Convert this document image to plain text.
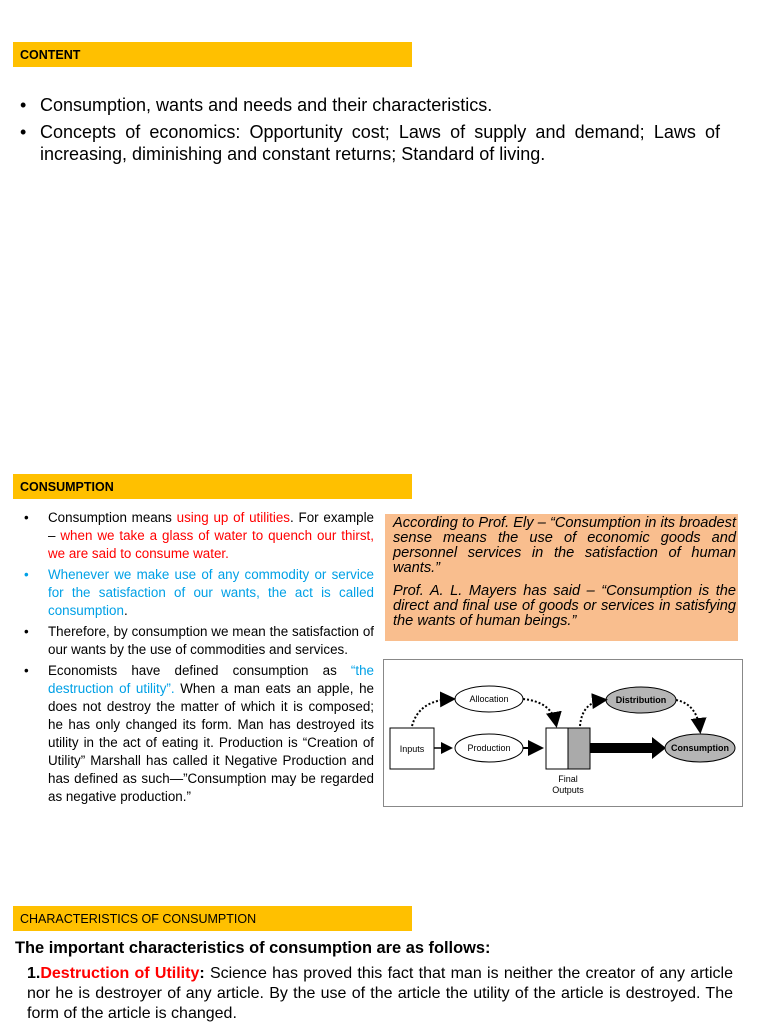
CONTENT
• Consumption, wants and needs and their characteristics.
• Concepts of economics: Opportunity cost; Laws of supply and demand; Laws of increasing, diminishing and constant returns; Standard of living.
CONSUMPTION
• Consumption means using up of utilities. For example – when we take a glass of water to quench our thirst, we are said to consume water.
• Whenever we make use of any commodity or service for the satisfaction of our wants, the act is called consumption.
• Therefore, by consumption we mean the satisfaction of our wants by the use of commodities and services.
• Economists have defined consumption as “the destruction of utility”. When a man eats an apple, he does not destroy the matter of which it is composed; he has only changed its form. Man has destroyed its utility in the act of eating it. Production is “Creation of Utility” Marshall has called it Negative Production and has defined as such—”Consumption may be regarded as negative production.”

According to Prof. Ely – “Consumption in its broadest sense means the use of economic goods and personnel services in the satisfaction of human wants.”

Prof. A. L. Mayers has said – “Consumption is the direct and final use of goods or services in satisfying the wants of human beings.”

Inputs	Production
Allocation
Final
Outputs
Consumption
Distribution
CHARACTERISTICS OF CONSUMPTION
The important characteristics of consumption are as follows:
1.Destruction of Utility: Science has proved this fact that man is neither the creator of any article nor he is destroyer of any article. By the use of the article the utility of the article is destroyed. The form of the article is changed.
